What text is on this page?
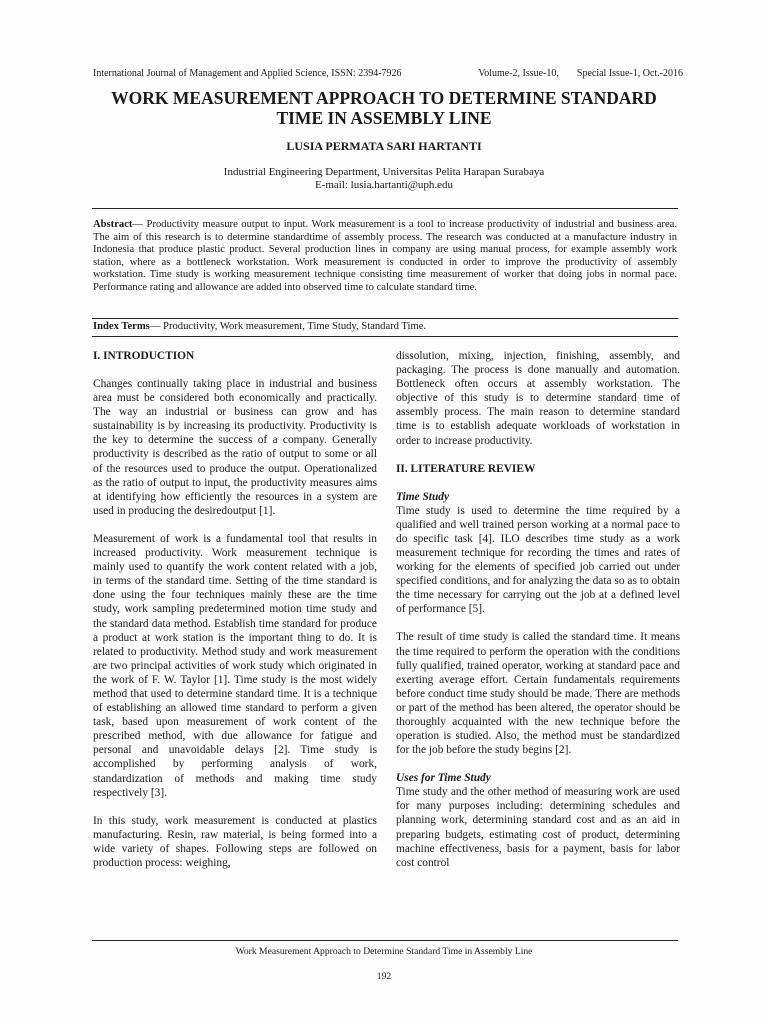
International Journal of Management and Applied Science, ISSN: 2394-7926	Volume-2, Issue-10, Special Issue-1, Oct.-2016
WORK MEASUREMENT APPROACH TO DETERMINE STANDARD
TIME IN ASSEMBLY LINE
LUSIA PERMATA SARI HARTANTI
Industrial Engineering Department, Universitas Pelita Harapan Surabaya
E-mail: lusia.hartanti@uph.edu
Abstract— Productivity measure output to input. Work measurement is a tool to increase productivity of industrial and business area. The aim of this research is to determine standardtime of assembly process. The research was conducted at a manufacture industry in Indonesia that produce plastic product. Several production lines in company are using manual process, for example assembly work station, where as a bottleneck workstation. Work measurement is conducted in order to improve the productivity of assembly workstation. Time study is working measurement technique consisting time measurement of worker that doing jobs in normal pace. Performance rating and allowance are added into observed time to calculate standard time.
Index Terms— Productivity, Work measurement, Time Study, Standard Time.
I. INTRODUCTION

Changes continually taking place in industrial and business area must be considered both economically and practically. The way an industrial or business can grow and has sustainability is by increasing its productivity. Productivity is the key to determine the success of a company. Generally productivity is described as the ratio of output to some or all of the resources used to produce the output. Operationalized as the ratio of output to input, the productivity measures aims at identifying how efficiently the resources in a system are used in producing the desiredoutput [1].

Measurement of work is a fundamental tool that results in increased productivity. Work measurement technique is mainly used to quantify the work content related with a job, in terms of the standard time. Setting of the time standard is done using the four techniques mainly these are the time study, work sampling predetermined motion time study and the standard data method. Establish time standard for produce a product at work station is the important thing to do. It is related to productivity. Method study and work measurement are two principal activities of work study which originated in the work of F. W. Taylor [1]. Time study is the most widely method that used to determine standard time. It is a technique of establishing an allowed time standard to perform a given task, based upon measurement of work content of the prescribed method, with due allowance for fatigue and personal and unavoidable delays [2]. Time study is accomplished by performing analysis of work, standardization of methods and making time study respectively [3].

In this study, work measurement is conducted at plastics manufacturing. Resin, raw material, is being formed into a wide variety of shapes. Following steps are followed on production process: weighing,

dissolution, mixing, injection, finishing, assembly, and packaging. The process is done manually and automation. Bottleneck often occurs at assembly workstation. The objective of this study is to determine standard time of assembly process. The main reason to determine standard time is to establish adequate workloads of workstation in order to increase productivity.

II. LITERATURE REVIEW
Time Study

Time study is used to determine the time required by a qualified and well trained person working at a normal pace to do specific task [4]. ILO describes time study as a work measurement technique for recording the times and rates of working for the elements of specified job carried out under specified conditions, and for analyzing the data so as to obtain the time necessary for carrying out the job at a defined level of performance [5].

The result of time study is called the standard time. It means the time required to perform the operation with the conditions fully qualified, trained operator, working at standard pace and exerting average effort. Certain fundamentals requirements before conduct time study should be made. There are methods or part of the method has been altered, the operator should be thoroughly acquainted with the new technique before the operation is studied. Also, the method must be standardized for the job before the study begins [2].

Uses for Time Study

Time study and the other method of measuring work are used for many purposes including: determining schedules and planning work, determining standard cost and as an aid in preparing budgets, estimating cost of product, determining machine effectiveness, basis for a payment, basis for labor cost control

Work Measurement Approach to Determine Standard Time in Assembly Line
192
